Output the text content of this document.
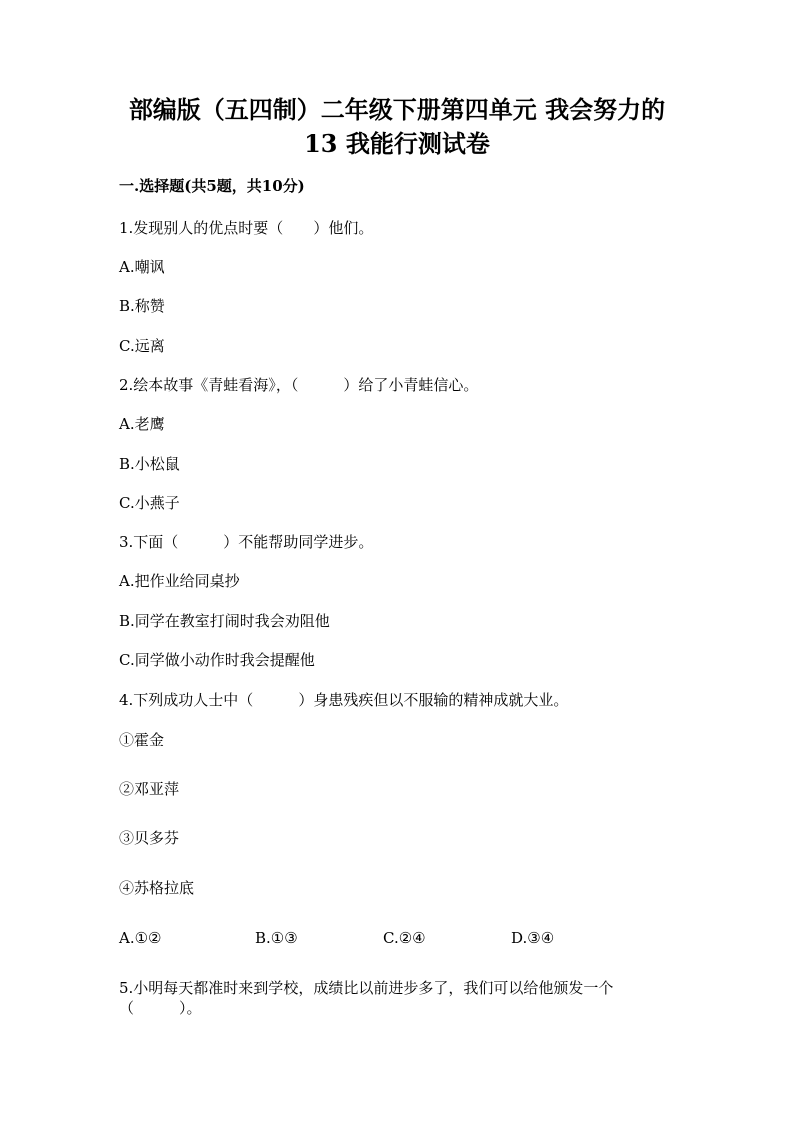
部编版（五四制）二年级下册第四单元 我会努力的
13 我能行测试卷
一.选择题(共5题，共10分)
1.发现别人的优点时要（　　）他们。
A.嘲讽
B.称赞
C.远离
2.绘本故事《青蛙看海》，（　　　）给了小青蛙信心。
A.老鹰
B.小松鼠
C.小燕子
3.下面（　　　）不能帮助同学进步。
A.把作业给同桌抄
B.同学在教室打闹时我会劝阻他
C.同学做小动作时我会提醒他
4.下列成功人士中（　　　）身患残疾但以不服输的精神成就大业。
①霍金
②邓亚萍
③贝多芬
④苏格拉底
A.①②	B.①③	C.②④	D.③④
5.小明每天都准时来到学校，成绩比以前进步多了，我们可以给他颁发一个
（　　　）。
